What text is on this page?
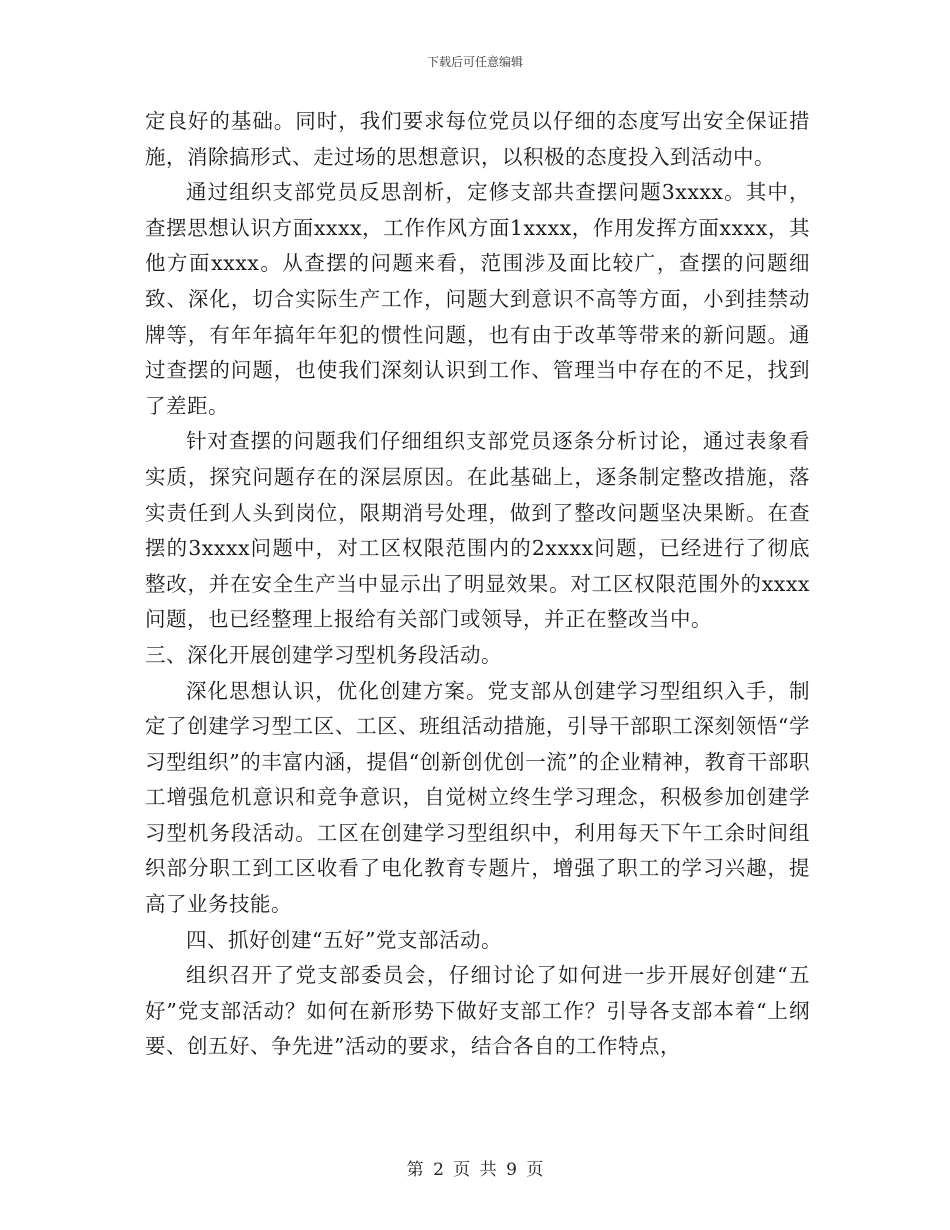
下载后可任意编辑

定良好的基础。同时，我们要求每位党员以仔细的态度写出安全保证措施，消除搞形式、走过场的思想意识，以积极的态度投入到活动中。

通过组织支部党员反思剖析，定修支部共查摆问题3xxxx。其中，查摆思想认识方面xxxx，工作作风方面1xxxx，作用发挥方面xxxx，其他方面xxxx。从查摆的问题来看，范围涉及面比较广，查摆的问题细致、深化，切合实际生产工作，问题大到意识不高等方面，小到挂禁动牌等，有年年搞年年犯的惯性问题，也有由于改革等带来的新问题。通过查摆的问题，也使我们深刻认识到工作、管理当中存在的不足，找到了差距。

针对查摆的问题我们仔细组织支部党员逐条分析讨论，通过表象看实质，探究问题存在的深层原因。在此基础上，逐条制定整改措施，落实责任到人头到岗位，限期消号处理，做到了整改问题坚决果断。在查摆的3xxxx问题中，对工区权限范围内的2xxxx问题，已经进行了彻底整改，并在安全生产当中显示出了明显效果。对工区权限范围外的xxxx问题，也已经整理上报给有关部门或领导，并正在整改当中。

三、深化开展创建学习型机务段活动。

深化思想认识，优化创建方案。党支部从创建学习型组织入手，制定了创建学习型工区、工区、班组活动措施，引导干部职工深刻领悟“学习型组织”的丰富内涵，提倡“创新创优创一流”的企业精神，教育干部职工增强危机意识和竞争意识，自觉树立终生学习理念，积极参加创建学习型机务段活动。工区在创建学习型组织中，利用每天下午工余时间组织部分职工到工区收看了电化教育专题片，增强了职工的学习兴趣，提高了业务技能。

四、抓好创建“五好”党支部活动。

组织召开了党支部委员会，仔细讨论了如何进一步开展好创建“五好”党支部活动？如何在新形势下做好支部工作？引导各支部本着“上纲要、创五好、争先进”活动的要求，结合各自的工作特点，

第 2 页 共 9 页
